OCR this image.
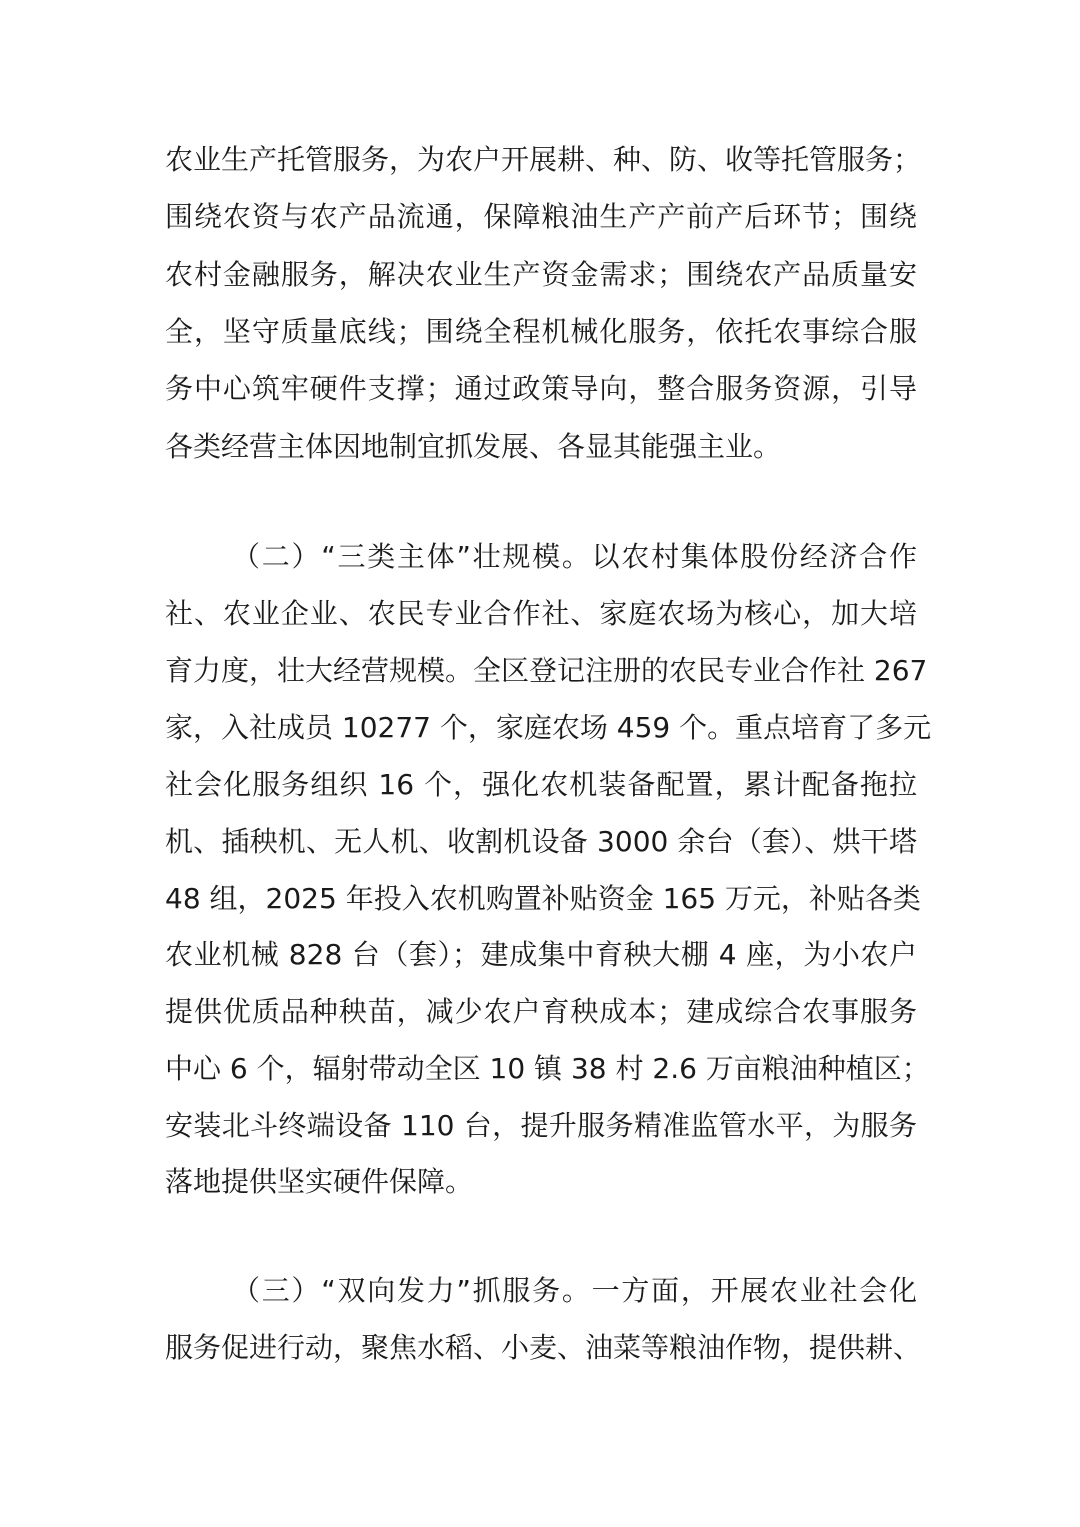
农业生产托管服务，为农户开展耕、种、防、收等托管服务；
围绕农资与农产品流通，保障粮油生产产前产后环节；围绕
农村金融服务，解决农业生产资金需求；围绕农产品质量安
全，坚守质量底线；围绕全程机械化服务，依托农事综合服
务中心筑牢硬件支撑；通过政策导向，整合服务资源，引导
各类经营主体因地制宜抓发展、各显其能强主业。
（二）“三类主体”壮规模。以农村集体股份经济合作
社、农业企业、农民专业合作社、家庭农场为核心，加大培
育力度，壮大经营规模。全区登记注册的农民专业合作社 267
家，入社成员 10277 个，家庭农场 459 个。重点培育了多元
社会化服务组织 16 个，强化农机装备配置，累计配备拖拉
机、插秧机、无人机、收割机设备 3000 余台（套）、烘干塔
48 组，2025 年投入农机购置补贴资金 165 万元，补贴各类
农业机械 828 台（套）；建成集中育秧大棚 4 座，为小农户
提供优质品种秧苗，减少农户育秧成本；建成综合农事服务
中心 6 个，辐射带动全区 10 镇 38 村 2.6 万亩粮油种植区；
安装北斗终端设备 110 台，提升服务精准监管水平，为服务
落地提供坚实硬件保障。
（三）“双向发力”抓服务。一方面，开展农业社会化
服务促进行动，聚焦水稻、小麦、油菜等粮油作物，提供耕、
